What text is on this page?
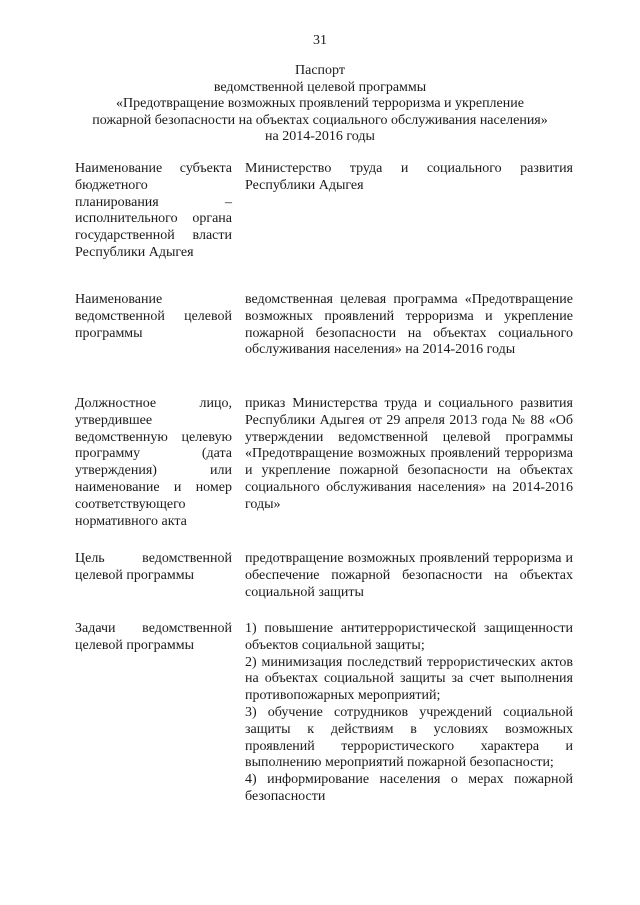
31
Паспорт
ведомственной целевой программы
«Предотвращение возможных проявлений терроризма и укрепление
пожарной безопасности на объектах социального обслуживания населения»
на 2014-2016 годы
Наименование субъекта бюджетного планирования – исполнительного органа государственной власти Республики Адыгея
Министерство труда и социального развития Республики Адыгея
Наименование ведомственной целевой программы
ведомственная целевая программа «Предотвращение возможных проявлений терроризма и укрепление пожарной безопасности на объектах социального обслуживания населения» на 2014-2016 годы
Должностное лицо, утвердившее ведомственную целевую программу (дата утверждения) или наименование и номер соответствующего нормативного акта
приказ Министерства труда и социального развития Республики Адыгея от 29 апреля 2013 года № 88 «Об утверждении ведомственной целевой программы «Предотвращение возможных проявлений терроризма и укрепление пожарной безопасности на объектах социального обслуживания населения» на 2014-2016 годы»
Цель ведомственной целевой программы
предотвращение возможных проявлений терроризма и обеспечение пожарной безопасности на объектах социальной защиты
Задачи ведомственной целевой программы
1) повышение антитеррористической защищенности объектов социальной защиты;
2) минимизация последствий террористических актов на объектах социальной защиты за счет выполнения противопожарных мероприятий;
3) обучение сотрудников учреждений социальной защиты к действиям в условиях возможных проявлений террористического характера и выполнению мероприятий пожарной безопасности;
4) информирование населения о мерах пожарной безопасности
